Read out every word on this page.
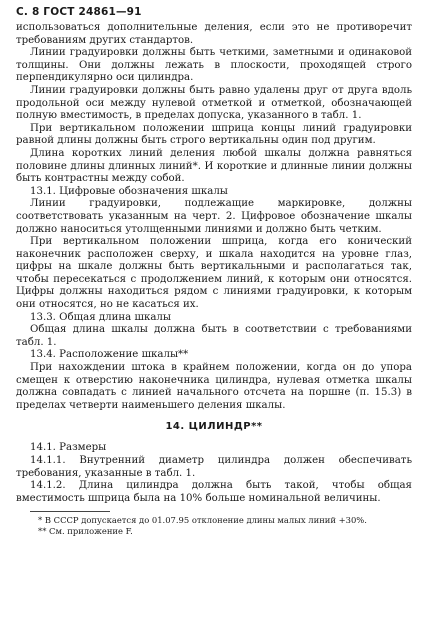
С. 8 ГОСТ 24861—91

использоваться дополнительные деления, если это не противоречит требованиям других стандартов.

Линии градуировки должны быть четкими, заметными и одинаковой толщины. Они должны лежать в плоскости, проходящей строго перпендикулярно оси цилиндра.

Линии градуировки должны быть равно удалены друг от друга вдоль продольной оси между нулевой отметкой и отметкой, обозначающей полную вместимость, в пределах допуска, указанного в табл. 1.

При вертикальном положении шприца концы линий градуировки равной длины должны быть строго вертикальны один под другим.

Длина коротких линий деления любой шкалы должна равняться половине длины длинных линий*. И короткие и длинные линии должны быть контрастны между собой.

13.1. Цифровые обозначения шкалы

Линии градуировки, подлежащие маркировке, должны соответствовать указанным на черт. 2. Цифровое обозначение шкалы должно наноситься утолщенными линиями и должно быть четким.

При вертикальном положении шприца, когда его конический наконечник расположен сверху, и шкала находится на уровне глаз, цифры на шкале должны быть вертикальными и располагаться так, чтобы пересекаться с продолжением линий, к которым они относятся. Цифры должны находиться рядом с линиями градуировки, к которым они относятся, но не касаться их.

13.3. Общая длина шкалы

Общая длина шкалы должна быть в соответствии с требованиями табл. 1.

13.4. Расположение шкалы**

При нахождении штока в крайнем положении, когда он до упора смещен к отверстию наконечника цилиндра, нулевая отметка шкалы должна совпадать с линией начального отсчета на поршне (п. 15.3) в пределах четверти наименьшего деления шкалы.

14. ЦИЛИНДР**

14.1. Размеры

14.1.1. Внутренний диаметр цилиндра должен обеспечивать требования, указанные в табл. 1.

14.1.2. Длина цилиндра должна быть такой, чтобы общая вместимость шприца была на 10% больше номинальной величины.

* В СССР допускается до 01.07.95 отклонение длины малых линий +30%.

** См. приложение F.
